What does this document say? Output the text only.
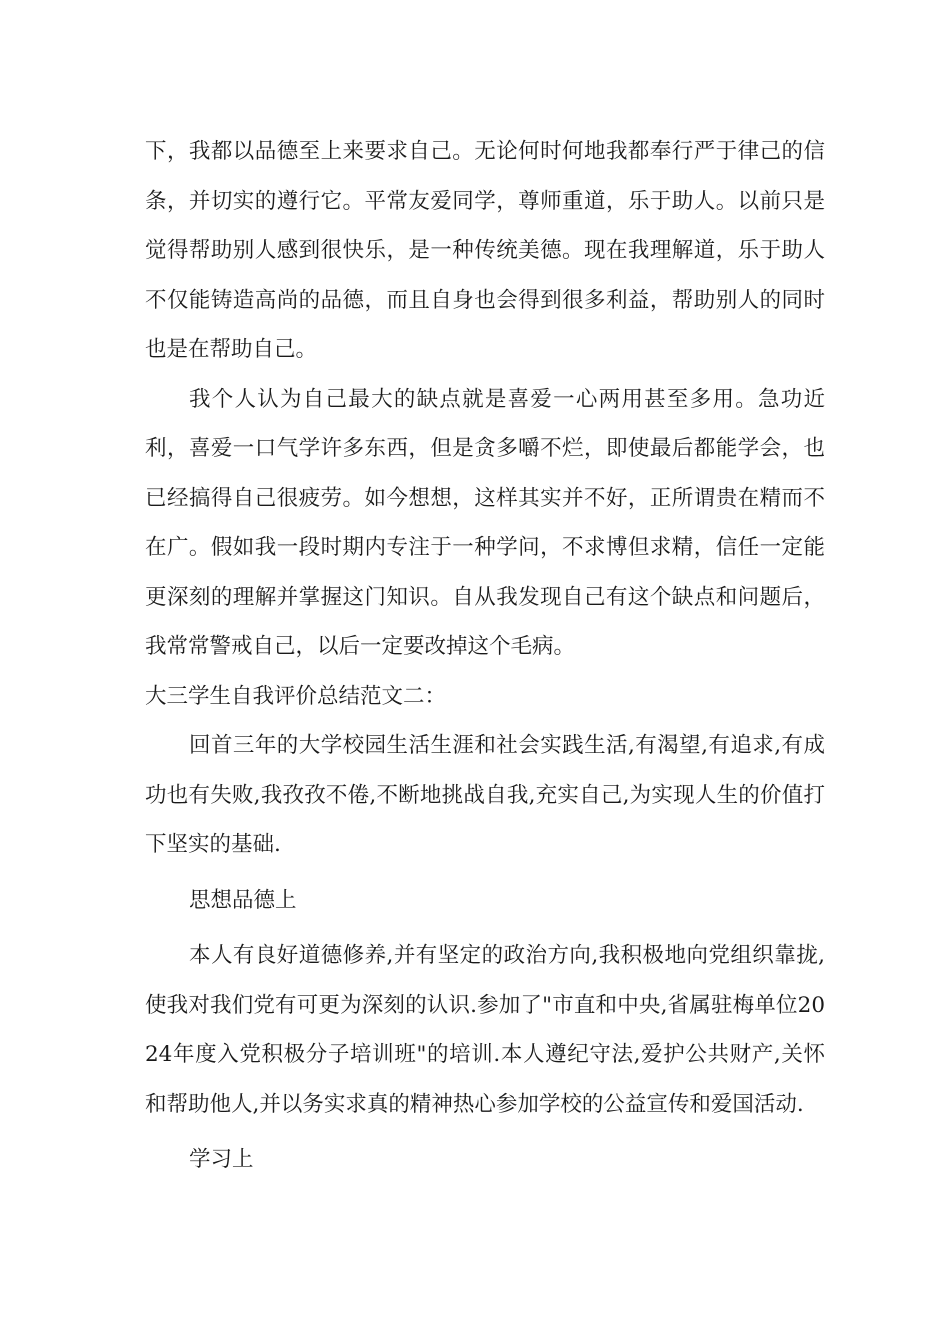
下，我都以品德至上来要求自己。无论何时何地我都奉行严于律己的信条，并切实的遵行它。平常友爱同学，尊师重道，乐于助人。以前只是觉得帮助别人感到很快乐，是一种传统美德。现在我理解道，乐于助人不仅能铸造高尚的品德，而且自身也会得到很多利益，帮助别人的同时也是在帮助自己。

我个人认为自己最大的缺点就是喜爱一心两用甚至多用。急功近利，喜爱一口气学许多东西，但是贪多嚼不烂，即使最后都能学会，也已经搞得自己很疲劳。如今想想，这样其实并不好，正所谓贵在精而不在广。假如我一段时期内专注于一种学问，不求博但求精，信任一定能更深刻的理解并掌握这门知识。自从我发现自己有这个缺点和问题后，我常常警戒自己，以后一定要改掉这个毛病。

大三学生自我评价总结范文二：

回首三年的大学校园生活生涯和社会实践生活,有渴望,有追求,有成功也有失败,我孜孜不倦,不断地挑战自我,充实自己,为实现人生的价值打下坚实的基础.

思想品德上

本人有良好道德修养,并有坚定的政治方向,我积极地向党组织靠拢,使我对我们党有可更为深刻的认识.参加了"市直和中央,省属驻梅单位2024年度入党积极分子培训班"的培训.本人遵纪守法,爱护公共财产,关怀和帮助他人,并以务实求真的精神热心参加学校的公益宣传和爱国活动.

学习上
